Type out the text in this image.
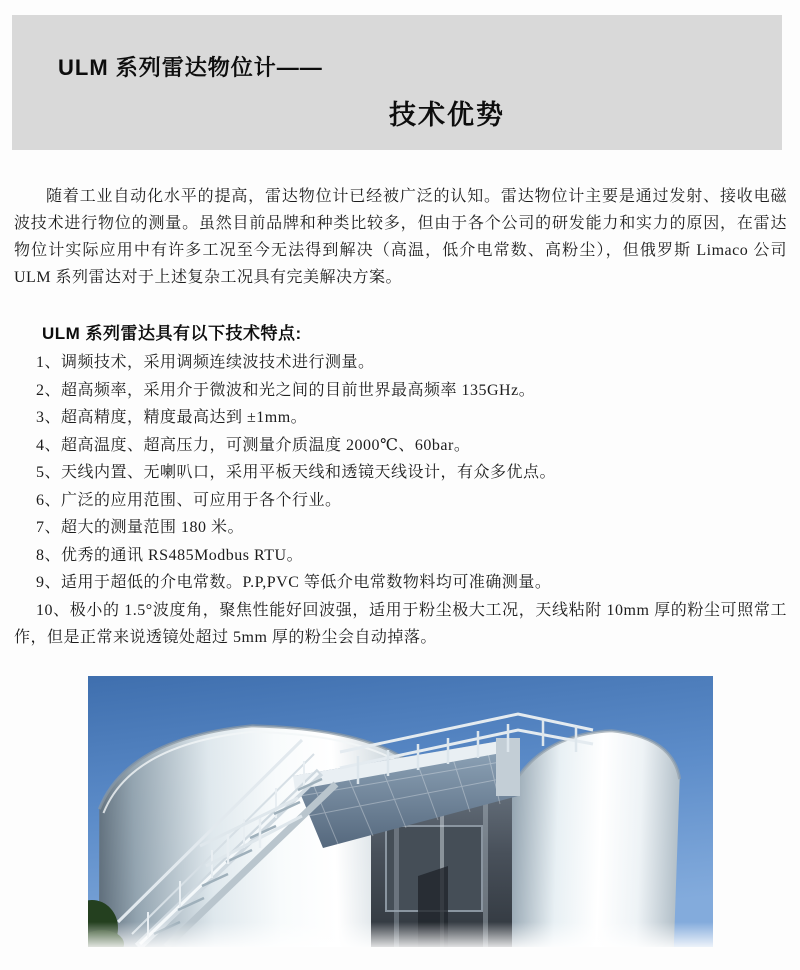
ULM 系列雷达物位计——
技术优势

随着工业自动化水平的提高，雷达物位计已经被广泛的认知。雷达物位计主要是通过发射、接收电磁波技术进行物位的测量。虽然目前品牌和种类比较多，但由于各个公司的研发能力和实力的原因，在雷达物位计实际应用中有许多工况至今无法得到解决（高温，低介电常数、高粉尘），但俄罗斯 Limaco 公司 ULM 系列雷达对于上述复杂工况具有完美解决方案。

ULM 系列雷达具有以下技术特点:

1、调频技术，采用调频连续波技术进行测量。

2、超高频率，采用介于微波和光之间的目前世界最高频率 135GHz。

3、超高精度，精度最高达到 ±1mm。

4、超高温度、超高压力，可测量介质温度 2000℃、60bar。

5、天线内置、无喇叭口，采用平板天线和透镜天线设计，有众多优点。

6、广泛的应用范围、可应用于各个行业。

7、超大的测量范围 180 米。

8、优秀的通讯 RS485Modbus RTU。

9、适用于超低的介电常数。P.P,PVC 等低介电常数物料均可准确测量。

10、极小的 1.5°波度角，聚焦性能好回波强，适用于粉尘极大工况，天线粘附 10mm 厚的粉尘可照常工作，但是正常来说透镜处超过 5mm 厚的粉尘会自动掉落。
